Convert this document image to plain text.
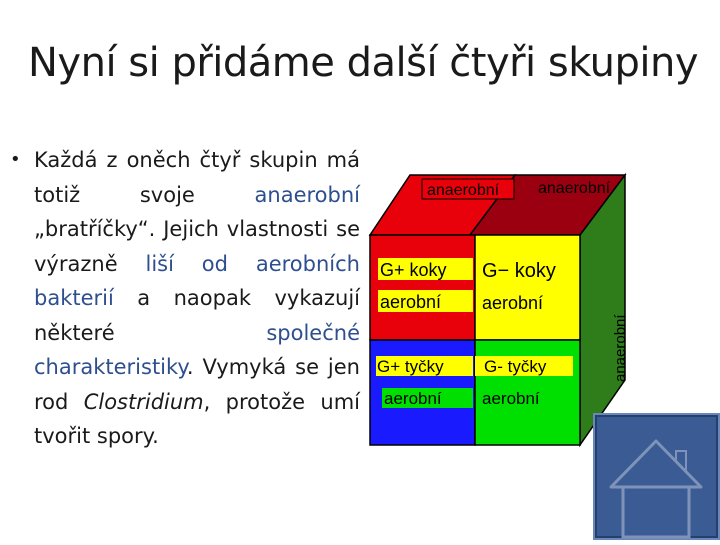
Nyní si přidáme další čtyři skupiny
• Každá z oněch čtyř skupin má totiž svoje anaerobní „bratříčky“. Jejich vlastnosti se výrazně liší od aerobních bakterií a naopak vykazují některé společné charakteristiky. Vymyká se jen rod Clostridium, protože umí tvořit spory.
anaerobní anaerobní
anaerobní
G+ koky
aerobní
G− koky
aerobní
G+ tyčky
aerobní
G- tyčky
aerobní
